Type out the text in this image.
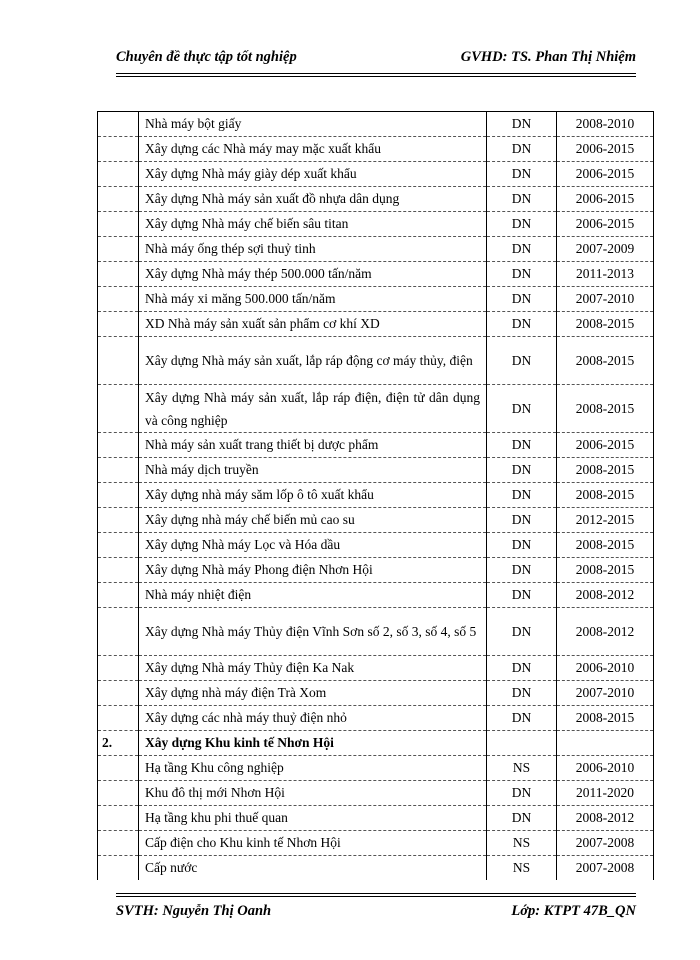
Chuyên đề thực tập tốt nghiệp	GVHD: TS. Phan Thị Nhiệm
	Nhà máy bột giấy	DN	2008-2010
	Xây dựng các Nhà máy may mặc xuất khẩu	DN	2006-2015
	Xây dựng Nhà máy giày dép xuất khẩu	DN	2006-2015
	Xây dựng Nhà máy sản xuất đồ nhựa dân dụng	DN	2006-2015
	Xây dựng Nhà máy chế biến sâu titan	DN	2006-2015
	Nhà máy ống thép sợi thuỷ tinh	DN	2007-2009
	Xây dựng Nhà máy thép 500.000 tấn/năm	DN	2011-2013
	Nhà máy xi măng 500.000 tấn/năm	DN	2007-2010
	XD Nhà máy sản xuất sản phẩm cơ khí XD	DN	2008-2015
	Xây dựng Nhà máy sản xuất, lắp ráp động cơ máy thủy, điện	DN	2008-2015
	Xây dựng Nhà máy sản xuất, lắp ráp điện, điện tử dân dụng và công nghiệp	DN	2008-2015
	Nhà máy sản xuất trang thiết bị dược phẩm	DN	2006-2015
	Nhà máy dịch truyền	DN	2008-2015
	Xây dựng nhà máy săm lốp ô tô xuất khẩu	DN	2008-2015
	Xây dựng nhà máy chế biến mủ cao su	DN	2012-2015
	Xây dựng Nhà máy Lọc và Hóa dầu	DN	2008-2015
	Xây dựng Nhà máy Phong điện Nhơn Hội	DN	2008-2015
	Nhà máy nhiệt điện	DN	2008-2012
	Xây dựng Nhà máy Thủy điện Vĩnh Sơn số 2, số 3, số 4, số 5	DN	2008-2012
	Xây dựng Nhà máy Thủy điện Ka Nak	DN	2006-2010
	Xây dựng nhà máy điện Trà Xom	DN	2007-2010
	Xây dựng các nhà máy thuỷ điện nhỏ	DN	2008-2015
2.	Xây dựng Khu kinh tế Nhơn Hội		
	Hạ tầng Khu công nghiệp	NS	2006-2010
	Khu đô thị mới Nhơn Hội	DN	2011-2020
	Hạ tầng khu phi thuế quan	DN	2008-2012
	Cấp điện cho Khu kinh tế Nhơn Hội	NS	2007-2008
	Cấp nước	NS	2007-2008
SVTH: Nguyễn Thị Oanh	Lớp: KTPT 47B_QN
